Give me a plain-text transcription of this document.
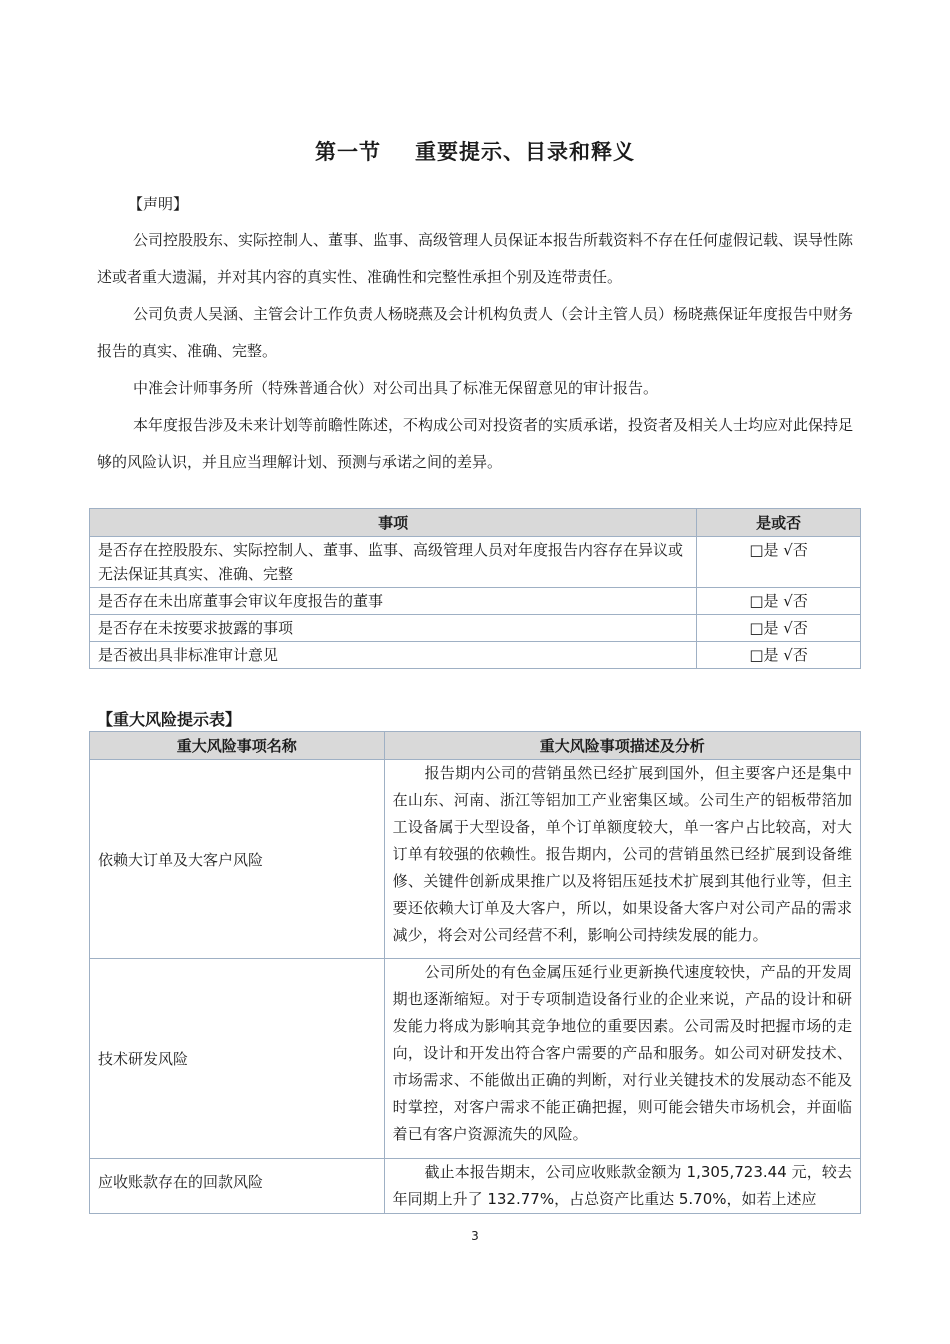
第一节 重要提示、目录和释义
【声明】

公司控股股东、实际控制人、董事、监事、高级管理人员保证本报告所载资料不存在任何虚假记载、误导性陈述或者重大遗漏，并对其内容的真实性、准确性和完整性承担个别及连带责任。

公司负责人吴涵、主管会计工作负责人杨晓燕及会计机构负责人（会计主管人员）杨晓燕保证年度报告中财务报告的真实、准确、完整。

中准会计师事务所（特殊普通合伙）对公司出具了标准无保留意见的审计报告。

本年度报告涉及未来计划等前瞻性陈述，不构成公司对投资者的实质承诺，投资者及相关人士均应对此保持足够的风险认识，并且应当理解计划、预测与承诺之间的差异。

事项	是或否
是否存在控股股东、实际控制人、董事、监事、高级管理人员对年度报告内容存在异议或无法保证其真实、准确、完整	□是 √否
是否存在未出席董事会审议年度报告的董事	□是 √否
是否存在未按要求披露的事项	□是 √否
是否被出具非标准审计意见	□是 √否
【重大风险提示表】
重大风险事项名称	重大风险事项描述及分析
依赖大订单及大客户风险	报告期内公司的营销虽然已经扩展到国外，但主要客户还是集中在山东、河南、浙江等铝加工产业密集区域。公司生产的铝板带箔加工设备属于大型设备，单个订单额度较大，单一客户占比较高，对大订单有较强的依赖性。报告期内，公司的营销虽然已经扩展到设备维修、关键件创新成果推广以及将铝压延技术扩展到其他行业等，但主要还依赖大订单及大客户，所以，如果设备大客户对公司产品的需求减少，将会对公司经营不利，影响公司持续发展的能力。
技术研发风险	公司所处的有色金属压延行业更新换代速度较快，产品的开发周期也逐渐缩短。对于专项制造设备行业的企业来说，产品的设计和研发能力将成为影响其竞争地位的重要因素。公司需及时把握市场的走向，设计和开发出符合客户需要的产品和服务。如公司对研发技术、市场需求、不能做出正确的判断，对行业关键技术的发展动态不能及时掌控，对客户需求不能正确把握，则可能会错失市场机会，并面临着已有客户资源流失的风险。
应收账款存在的回款风险	截止本报告期末，公司应收账款金额为 1,305,723.44 元，较去年同期上升了 132.77%，占总资产比重达 5.70%，如若上述应
3
